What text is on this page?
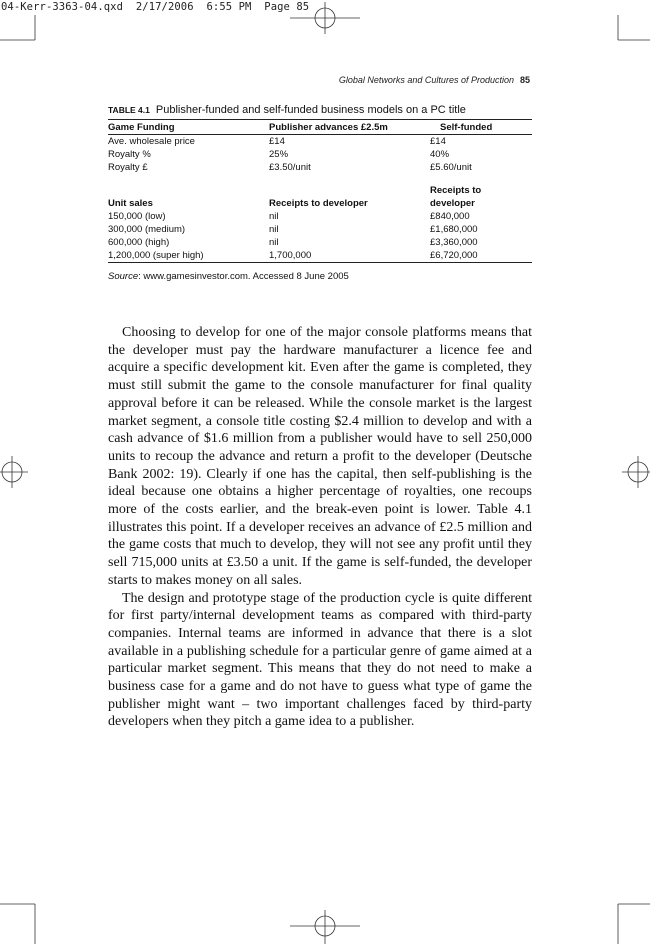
04-Kerr-3363-04.qxd  2/17/2006  6:55 PM  Page 85
Global Networks and Cultures of Production 85
TABLE 4.1 Publisher-funded and self-funded business models on a PC title
Game Funding	Publisher advances £2.5m	Self-funded
Ave. wholesale price	£14	£14
Royalty %	25%	40%
Royalty £	£3.50/unit	£5.60/unit

		Receipts to
Unit sales	Receipts to developer	developer
150,000 (low)	nil	£840,000
300,000 (medium)	nil	£1,680,000
600,000 (high)	nil	£3,360,000
1,200,000 (super high)	1,700,000	£6,720,000
Source: www.gamesinvestor.com. Accessed 8 June 2005

Choosing to develop for one of the major console platforms means that the developer must pay the hardware manufacturer a licence fee and acquire a specific development kit. Even after the game is completed, they must still submit the game to the console manufacturer for final quality approval before it can be released. While the console market is the largest market segment, a console title costing $2.4 million to develop and with a cash advance of $1.6 million from a publisher would have to sell 250,000 units to recoup the advance and return a profit to the developer (Deutsche Bank 2002: 19). Clearly if one has the capital, then self-publishing is the ideal because one obtains a higher percentage of royalties, one recoups more of the costs earlier, and the break-even point is lower. Table 4.1 illustrates this point. If a developer receives an advance of £2.5 million and the game costs that much to develop, they will not see any profit until they sell 715,000 units at £3.50 a unit. If the game is self-funded, the developer starts to makes money on all sales.

The design and prototype stage of the production cycle is quite different for first party/internal development teams as compared with third-party companies. Internal teams are informed in advance that there is a slot available in a publishing schedule for a particular genre of game aimed at a particular market segment. This means that they do not need to make a business case for a game and do not have to guess what type of game the publisher might want – two important challenges faced by third-party developers when they pitch a game idea to a publisher.
